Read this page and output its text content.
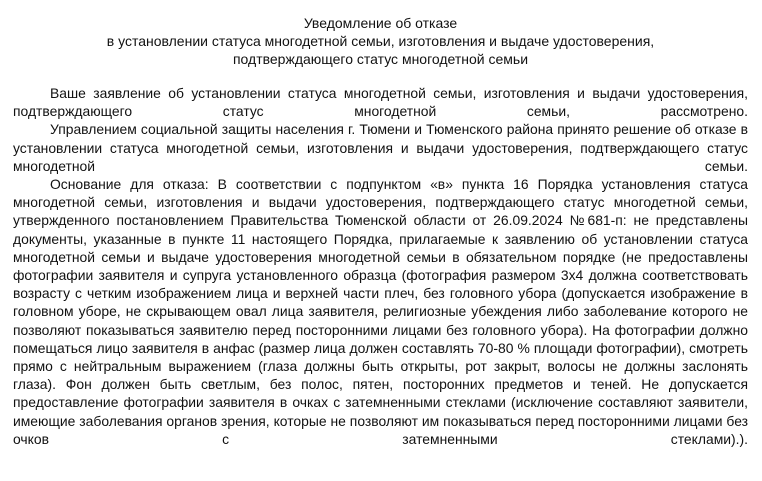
Уведомление об отказе
в установлении статуса многодетной семьи, изготовления и выдаче удостоверения,
подтверждающего статус многодетной семьи

Ваше заявление об установлении статуса многодетной семьи, изготовления и выдачи удостоверения, подтверждающего статус многодетной семьи, рассмотрено.

Управлением социальной защиты населения г. Тюмени и Тюменского района принято решение об отказе в установлении статуса многодетной семьи, изготовления и выдачи удостоверения, подтверждающего статус многодетной семьи.

Основание для отказа: В соответствии с подпунктом «в» пункта 16 Порядка установления статуса многодетной семьи, изготовления и выдачи удостоверения, подтверждающего статус многодетной семьи, утвержденного постановлением Правительства Тюменской области от 26.09.2024 №681-п: не представлены документы, указанные в пункте 11 настоящего Порядка, прилагаемые к заявлению об установлении статуса многодетной семьи и выдаче удостоверения многодетной семьи в обязательном порядке (не предоставлены фотографии заявителя и супруга установленного образца (фотография размером 3х4 должна соответствовать возрасту с четким изображением лица и верхней части плеч, без головного убора (допускается изображение в головном уборе, не скрывающем овал лица заявителя, религиозные убеждения либо заболевание которого не позволяют показываться заявителю перед посторонними лицами без головного убора). На фотографии должно помещаться лицо заявителя в анфас (размер лица должен составлять 70-80 % площади фотографии), смотреть прямо с нейтральным выражением (глаза должны быть открыты, рот закрыт, волосы не должны заслонять глаза). Фон должен быть светлым, без полос, пятен, посторонних предметов и теней. Не допускается предоставление фотографии заявителя в очках с затемненными стеклами (исключение составляют заявители, имеющие заболевания органов зрения, которые не позволяют им показываться перед посторонними лицами без очков с затемненными стеклами).).
